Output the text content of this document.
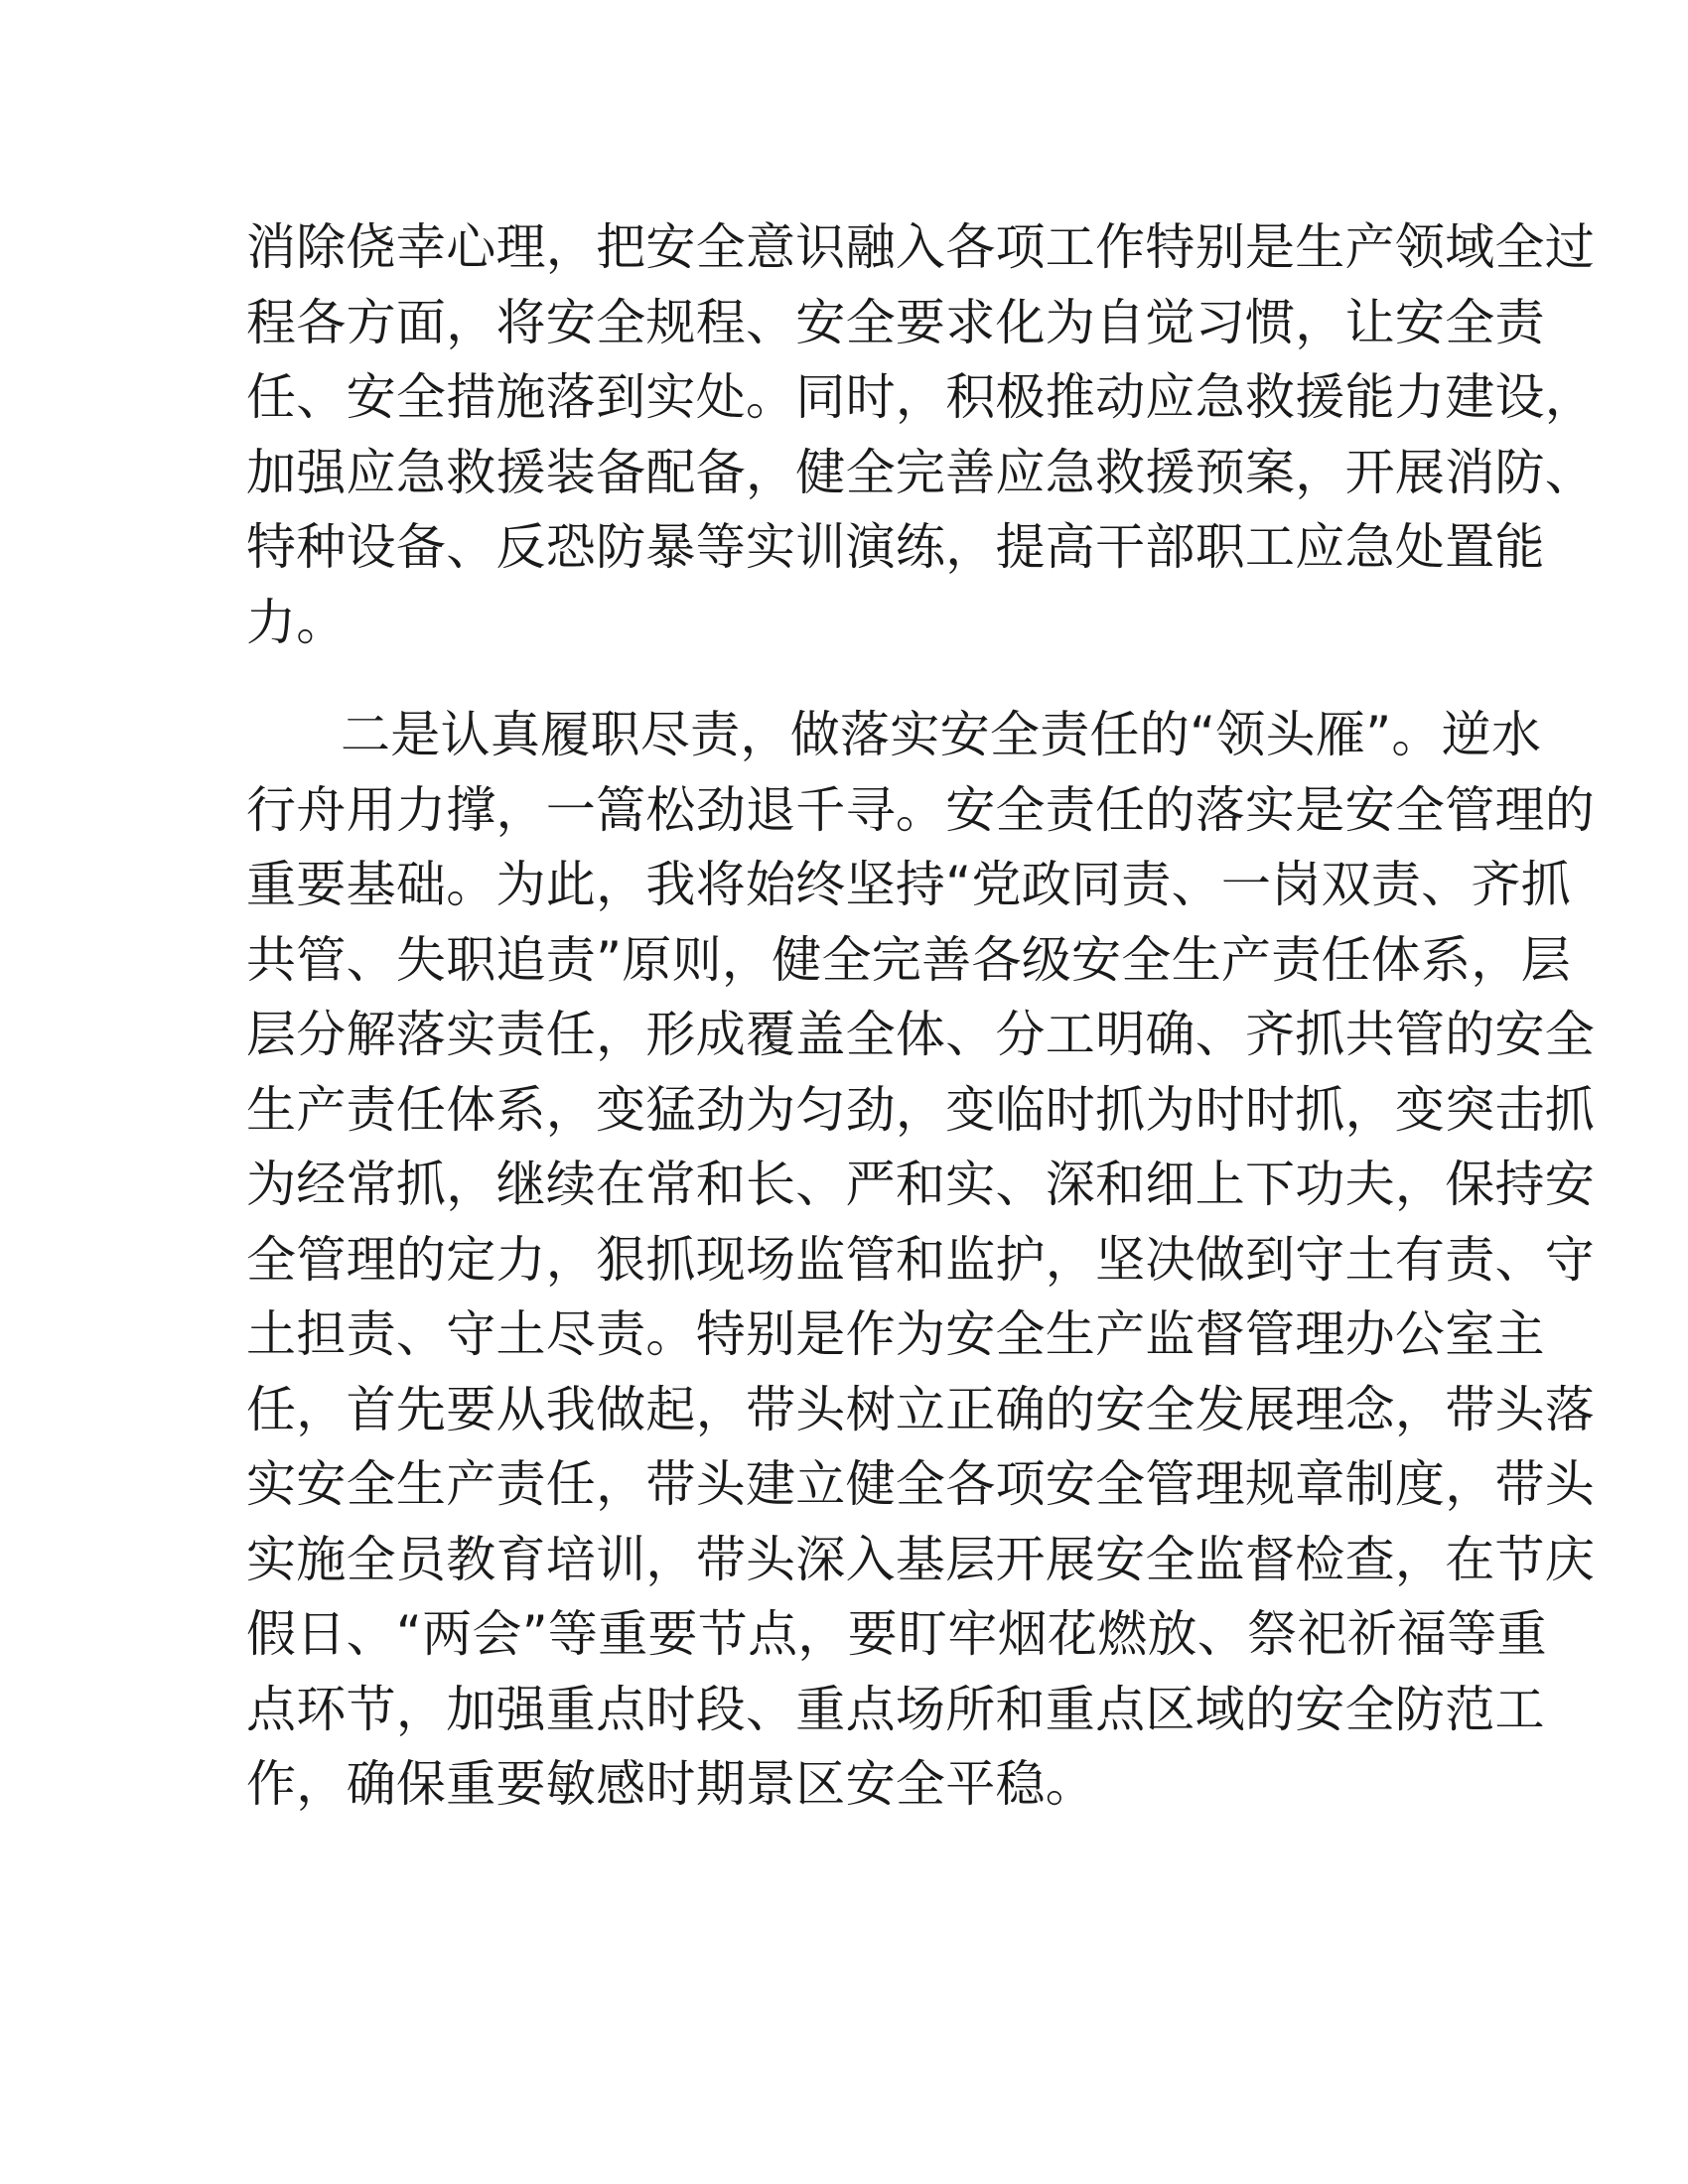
消除侥幸心理，把安全意识融入各项工作特别是生产领域全过
程各方面，将安全规程、安全要求化为自觉习惯，让安全责
任、安全措施落到实处。同时，积极推动应急救援能力建设，
加强应急救援装备配备，健全完善应急救援预案，开展消防、
特种设备、反恐防暴等实训演练，提高干部职工应急处置能
力。
二是认真履职尽责，做落实安全责任的“领头雁”。逆水
行舟用力撑，一篙松劲退千寻。安全责任的落实是安全管理的
重要基础。为此，我将始终坚持“党政同责、一岗双责、齐抓
共管、失职追责”原则，健全完善各级安全生产责任体系，层
层分解落实责任，形成覆盖全体、分工明确、齐抓共管的安全
生产责任体系，变猛劲为匀劲，变临时抓为时时抓，变突击抓
为经常抓，继续在常和长、严和实、深和细上下功夫，保持安
全管理的定力，狠抓现场监管和监护，坚决做到守土有责、守
土担责、守土尽责。特别是作为安全生产监督管理办公室主
任，首先要从我做起，带头树立正确的安全发展理念，带头落
实安全生产责任，带头建立健全各项安全管理规章制度，带头
实施全员教育培训，带头深入基层开展安全监督检查，在节庆
假日、“两会”等重要节点，要盯牢烟花燃放、祭祀祈福等重
点环节，加强重点时段、重点场所和重点区域的安全防范工
作，确保重要敏感时期景区安全平稳。
